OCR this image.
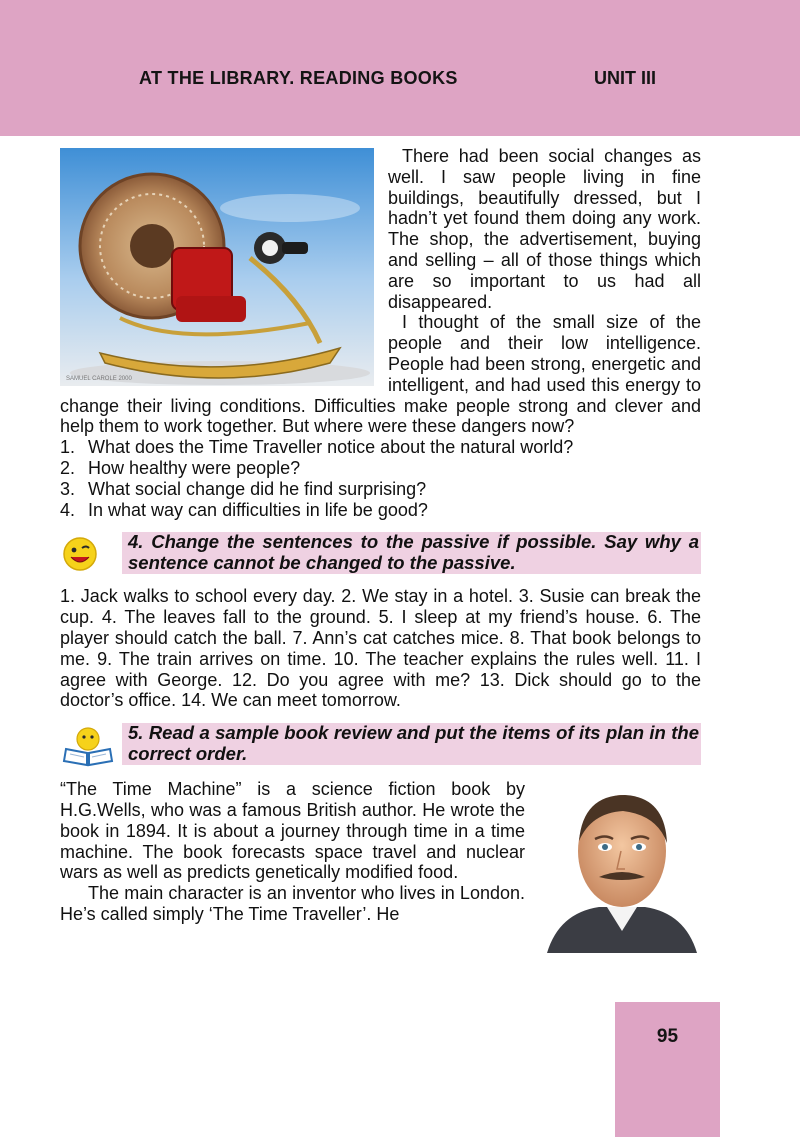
AT THE LIBRARY. READING BOOKS	UNIT III
SAMUEL CAROLE 2000

There had been social changes as well. I saw people living in fine buildings, beautifully dressed, but I hadn’t yet found them doing any work. The shop, the advertisement, buying and selling – all of those things which are so important to us had all disappeared.

I thought of the small size of the people and their low intelligence. People had been strong, energetic and intelligent, and had used this energy to change their living conditions. Difficulties make people strong and clever and help them to work together. But where were these dangers now?

1. What does the Time Traveller notice about the natural world?
2. How healthy were people?
3. What social change did he find surprising?
4. In what way can difficulties in life be good?
4. Change the sentences to the passive if possible. Say why a sentence cannot be changed to the passive.

1. Jack walks to school every day. 2. We stay in a hotel. 3. Susie can break the cup. 4. The leaves fall to the ground. 5. I sleep at my friend’s house. 6. The player should catch the ball. 7. Ann’s cat catches mice. 8. That book belongs to me. 9. The train arrives on time. 10. The teacher explains the rules well. 11. I agree with George. 12. Do you agree with me? 13. Dick should go to the doctor’s office. 14. We can meet tomorrow.

5. Read a sample book review and put the items of its plan in the correct order.

“The Time Machine” is a science fiction book by H.G.Wells, who was a famous British author. He wrote the book in 1894. It is about a journey through time in a time machine. The book forecasts space travel and nuclear wars as well as predicts genetically modified food.

The main character is an inventor who lives in London. He’s called simply ‘The Time Traveller’. He

95
